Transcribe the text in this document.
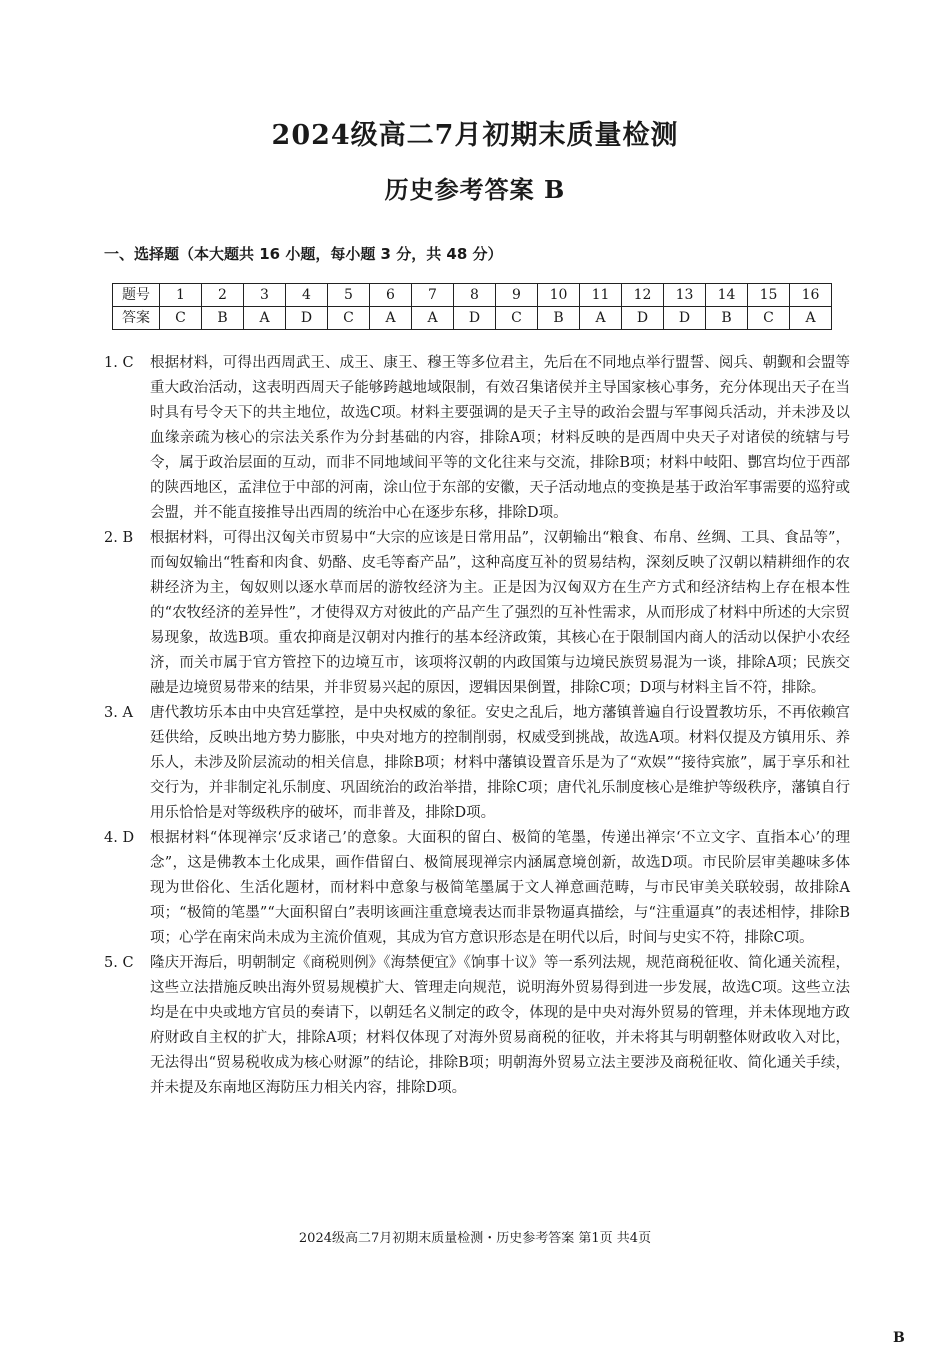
2024级高二7月初期末质量检测
历史参考答案 B
一、选择题（本大题共 16 小题，每小题 3 分，共 48 分）
题号	1	2	3	4	5	6	7	8	9	10	11	12	13	14	15	16
答案	C	B	A	D	C	A	A	D	C	B	A	D	D	B	C	A
1. C	根据材料，可得出西周武王、成王、康王、穆王等多位君主，先后在不同地点举行盟誓、阅兵、朝觐和会盟等重大政治活动，这表明西周天子能够跨越地域限制，有效召集诸侯并主导国家核心事务，充分体现出天子在当时具有号令天下的共主地位，故选C项。材料主要强调的是天子主导的政治会盟与军事阅兵活动，并未涉及以血缘亲疏为核心的宗法关系作为分封基础的内容，排除A项；材料反映的是西周中央天子对诸侯的统辖与号令，属于政治层面的互动，而非不同地域间平等的文化往来与交流，排除B项；材料中岐阳、酆宫均位于西部的陕西地区，孟津位于中部的河南，涂山位于东部的安徽，天子活动地点的变换是基于政治军事需要的巡狩或会盟，并不能直接推导出西周的统治中心在逐步东移，排除D项。
2. B	根据材料，可得出汉匈关市贸易中“大宗的应该是日常用品”，汉朝输出“粮食、布帛、丝绸、工具、食品等”，而匈奴输出“牲畜和肉食、奶酪、皮毛等畜产品”，这种高度互补的贸易结构，深刻反映了汉朝以精耕细作的农耕经济为主，匈奴则以逐水草而居的游牧经济为主。正是因为汉匈双方在生产方式和经济结构上存在根本性的“农牧经济的差异性”，才使得双方对彼此的产品产生了强烈的互补性需求，从而形成了材料中所述的大宗贸易现象，故选B项。重农抑商是汉朝对内推行的基本经济政策，其核心在于限制国内商人的活动以保护小农经济，而关市属于官方管控下的边境互市，该项将汉朝的内政国策与边境民族贸易混为一谈，排除A项；民族交融是边境贸易带来的结果，并非贸易兴起的原因，逻辑因果倒置，排除C项；D项与材料主旨不符，排除。
3. A	唐代教坊乐本由中央宫廷掌控，是中央权威的象征。安史之乱后，地方藩镇普遍自行设置教坊乐，不再依赖宫廷供给，反映出地方势力膨胀，中央对地方的控制削弱，权威受到挑战，故选A项。材料仅提及方镇用乐、养乐人，未涉及阶层流动的相关信息，排除B项；材料中藩镇设置音乐是为了“欢娱”“接待宾旅”，属于享乐和社交行为，并非制定礼乐制度、巩固统治的政治举措，排除C项；唐代礼乐制度核心是维护等级秩序，藩镇自行用乐恰恰是对等级秩序的破坏，而非普及，排除D项。
4. D	根据材料“体现禅宗‘反求诸己’的意象。大面积的留白、极简的笔墨，传递出禅宗‘不立文字、直指本心’的理念”，这是佛教本土化成果，画作借留白、极简展现禅宗内涵属意境创新，故选D项。市民阶层审美趣味多体现为世俗化、生活化题材，而材料中意象与极简笔墨属于文人禅意画范畴，与市民审美关联较弱，故排除A项；“极简的笔墨”“大面积留白”表明该画注重意境表达而非景物逼真描绘，与“注重逼真”的表述相悖，排除B项；心学在南宋尚未成为主流价值观，其成为官方意识形态是在明代以后，时间与史实不符，排除C项。
5. C	隆庆开海后，明朝制定《商税则例》《海禁便宜》《饷事十议》等一系列法规，规范商税征收、简化通关流程，这些立法措施反映出海外贸易规模扩大、管理走向规范，说明海外贸易得到进一步发展，故选C项。这些立法均是在中央或地方官员的奏请下，以朝廷名义制定的政令，体现的是中央对海外贸易的管理，并未体现地方政府财政自主权的扩大，排除A项；材料仅体现了对海外贸易商税的征收，并未将其与明朝整体财政收入对比，无法得出“贸易税收成为核心财源”的结论，排除B项；明朝海外贸易立法主要涉及商税征收、简化通关手续，并未提及东南地区海防压力相关内容，排除D项。
2024级高二7月初期末质量检测・历史参考答案 第1页 共4页
B
